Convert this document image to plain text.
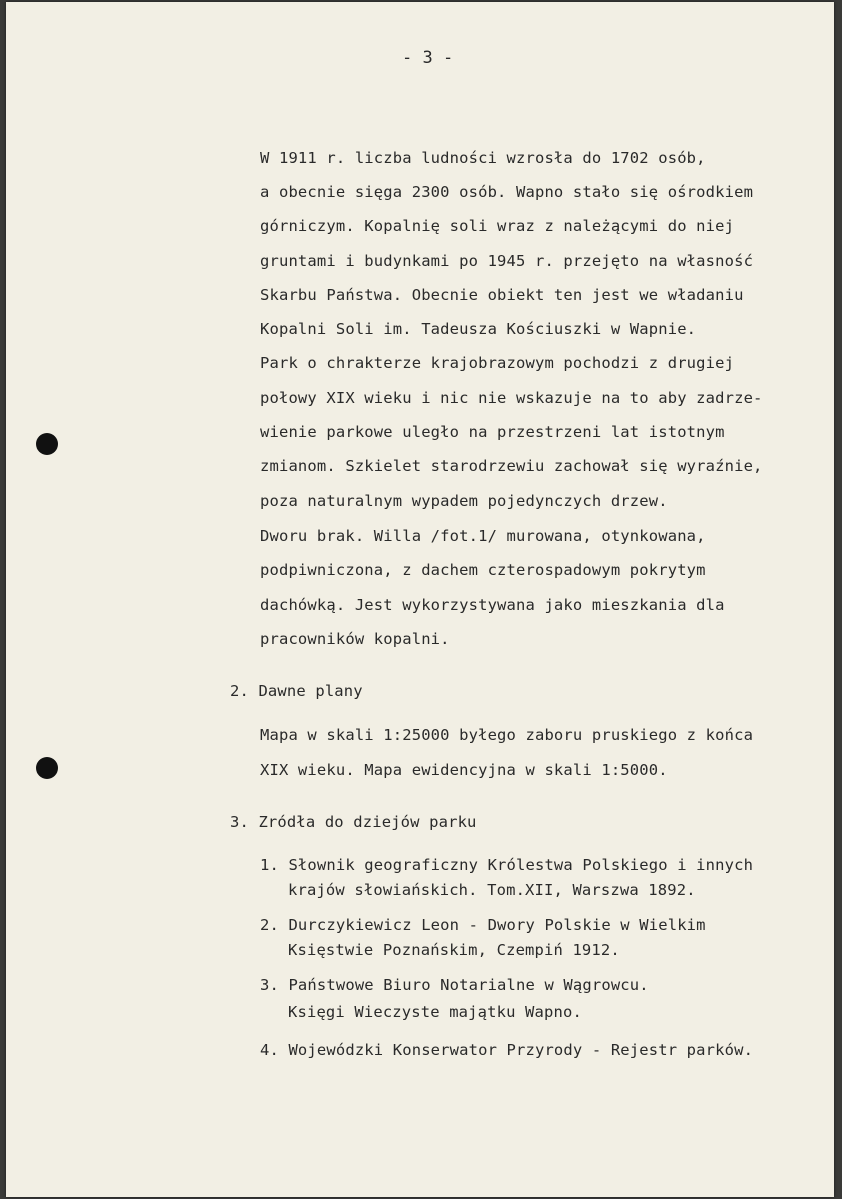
- 3 -
W 1911 r. liczba ludności wzrosła do 1702 osób,
a obecnie sięga 2300 osób. Wapno stało się ośrodkiem
górniczym. Kopalnię soli wraz z należącymi do niej
gruntami i budynkami po 1945 r. przejęto na własność
Skarbu Państwa. Obecnie obiekt ten jest we władaniu
Kopalni Soli im. Tadeusza Kościuszki w Wapnie.
Park o chrakterze krajobrazowym pochodzi z drugiej
połowy XIX wieku i nic nie wskazuje na to aby zadrze-
wienie parkowe uległo na przestrzeni lat istotnym
zmianom. Szkielet starodrzewiu zachował się wyraźnie,
poza naturalnym wypadem pojedynczych drzew.
Dworu brak. Willa /fot.1/ murowana, otynkowana,
podpiwniczona, z dachem czterospadowym pokrytym
dachówką. Jest wykorzystywana jako mieszkania dla
pracowników kopalni.
2. Dawne plany
Mapa w skali 1:25000 byłego zaboru pruskiego z końca
XIX wieku. Mapa ewidencyjna w skali 1:5000.
3. Zródła do dziejów parku
1. Słownik geograficzny Królestwa Polskiego i innych
krajów słowiańskich. Tom.XII, Warszwa 1892.
2. Durczykiewicz Leon - Dwory Polskie w Wielkim
Księstwie Poznańskim, Czempiń 1912.
3. Państwowe Biuro Notarialne w Wągrowcu.
Księgi Wieczyste majątku Wapno.
4. Wojewódzki Konserwator Przyrody - Rejestr parków.
